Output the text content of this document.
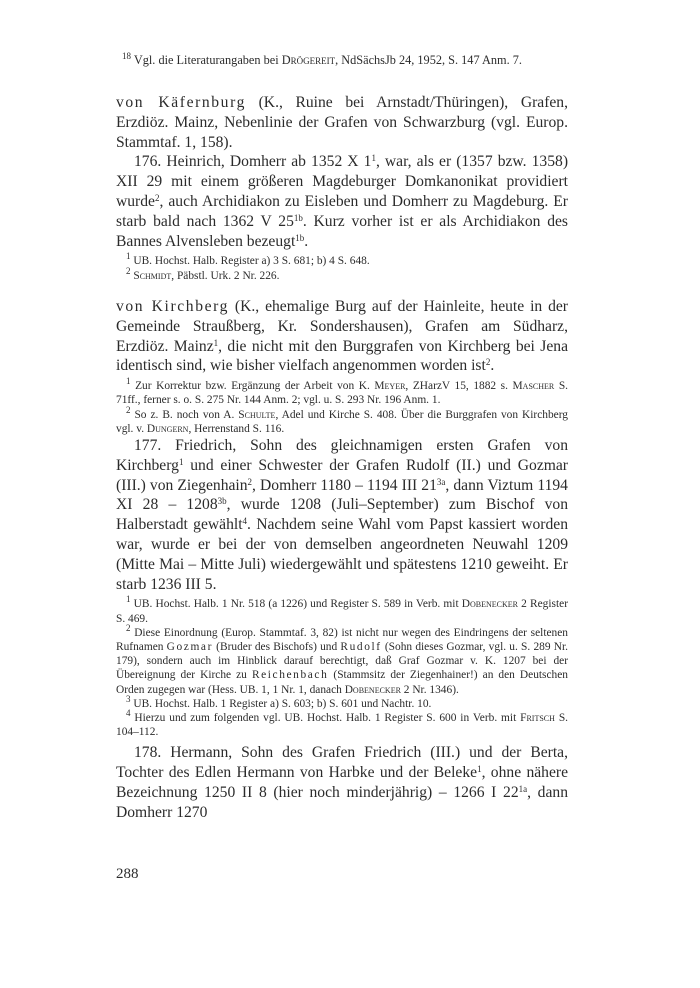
$^{18}$ Vgl. die Literaturangaben bei Drögereit, NdSächsJb 24, 1952, S. 147 Anm. 7.

von Käfernburg (K., Ruine bei Arnstadt/Thüringen), Grafen, Erzdiöz. Mainz, Nebenlinie der Grafen von Schwarzburg (vgl. Europ. Stammtaf. 1, 158).

176. Heinrich, Domherr ab 1352 X $1^1$, war, als er (1357 bzw. 1358) XII 29 mit einem größeren Magdeburger Domkanonikat providiert wurde$^2$, auch Archidiakon zu Eisleben und Domherr zu Magdeburg. Er starb bald nach 1362 V $25^{1b}$. Kurz vorher ist er als Archidiakon des Bannes Alvensleben bezeugt$^{1b}$.

$^1$ UB. Hochst. Halb. Register a) 3 S. 681; b) 4 S. 648.

$^2$ Schmidt, Päbstl. Urk. 2 Nr. 226.

von Kirchberg (K., ehemalige Burg auf der Hainleite, heute in der Gemeinde Straußberg, Kr. Sondershausen), Grafen am Südharz, Erzdiöz. Mainz$^1$, die nicht mit den Burggrafen von Kirchberg bei Jena identisch sind, wie bisher vielfach angenommen worden ist$^2$.

$^1$ Zur Korrektur bzw. Ergänzung der Arbeit von K. Meyer, ZHarzV 15, 1882 s. Mascher S. 71ff., ferner s. o. S. 275 Nr. 144 Anm. 2; vgl. u. S. 293 Nr. 196 Anm. 1.

$^2$ So z. B. noch von A. Schulte, Adel und Kirche S. 408. Über die Burggrafen von Kirchberg vgl. v. Dungern, Herrenstand S. 116.

177. Friedrich, Sohn des gleichnamigen ersten Grafen von Kirchberg$^1$ und einer Schwester der Grafen Rudolf (II.) und Gozmar (III.) von Ziegenhain$^2$, Domherr 1180 – 1194 III $21^{3a}$, dann Viztum 1194 XI $28 - 1208^{3b}$, wurde 1208 (Juli–September) zum Bischof von Halberstadt gewählt$^4$. Nachdem seine Wahl vom Papst kassiert worden war, wurde er bei der von demselben angeordneten Neuwahl 1209 (Mitte Mai – Mitte Juli) wiedergewählt und spätestens 1210 geweiht. Er starb 1236 III 5.

$^1$ UB. Hochst. Halb. 1 Nr. 518 (a 1226) und Register S. 589 in Verb. mit Dobenecker 2 Register S. 469.

$^2$ Diese Einordnung (Europ. Stammtaf. 3, 82) ist nicht nur wegen des Eindringens der seltenen Rufnamen Gozmar (Bruder des Bischofs) und Rudolf (Sohn dieses Gozmar, vgl. u. S. 289 Nr. 179), sondern auch im Hinblick darauf berechtigt, daß Graf Gozmar v. K. 1207 bei der Übereignung der Kirche zu Reichenbach (Stammsitz der Ziegenhainer!) an den Deutschen Orden zugegen war (Hess. UB. 1, 1 Nr. 1, danach Dobenecker 2 Nr. 1346).

$^3$ UB. Hochst. Halb. 1 Register a) S. 603; b) S. 601 und Nachtr. 10.

$^4$ Hierzu und zum folgenden vgl. UB. Hochst. Halb. 1 Register S. 600 in Verb. mit Fritsch S. 104–112.

178. Hermann, Sohn des Grafen Friedrich (III.) und der Berta, Tochter des Edlen Hermann von Harbke und der Beleke$^1$, ohne nähere Bezeichnung 1250 II 8 (hier noch minderjährig) – 1266 I $22^{1a}$, dann Domherr 1270

288
